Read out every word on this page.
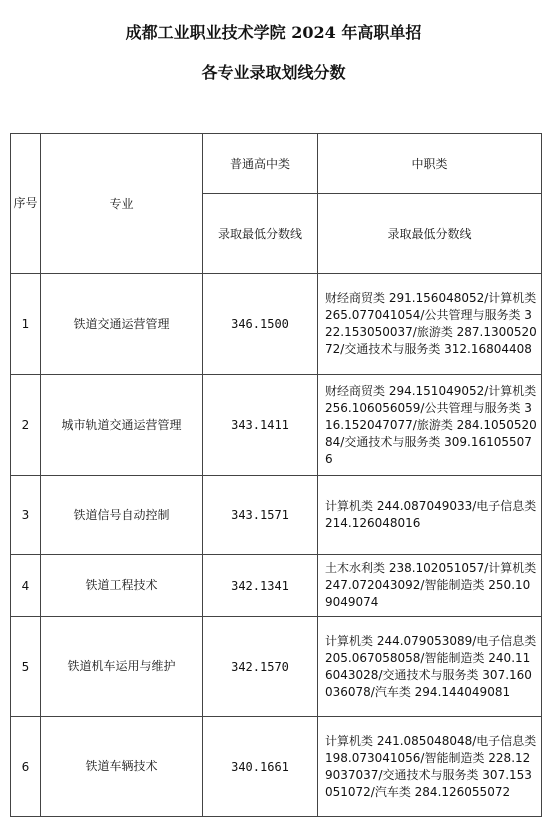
成都工业职业技术学院 2024 年高职单招
各专业录取划线分数
序号	专业	普通高中类	中职类
		录取最低分数线	录取最低分数线
1	铁道交通运营管理	346.1500	财经商贸类 291.156048052/计算机类 265.077041054/公共管理与服务类 322.153050037/旅游类 287.130052072/交通技术与服务类 312.16804408
2	城市轨道交通运营管理	343.1411	财经商贸类 294.151049052/计算机类 256.106056059/公共管理与服务类 316.152047077/旅游类 284.105052084/交通技术与服务类 309.161055076
3	铁道信号自动控制	343.1571	计算机类 244.087049033/电子信息类 214.126048016
4	铁道工程技术	342.1341	土木水利类 238.102051057/计算机类 247.072043092/智能制造类 250.109049074
5	铁道机车运用与维护	342.1570	计算机类 244.079053089/电子信息类 205.067058058/智能制造类 240.116043028/交通技术与服务类 307.160036078/汽车类 294.144049081
6	铁道车辆技术	340.1661	计算机类 241.085048048/电子信息类 198.073041056/智能制造类 228.129037037/交通技术与服务类 307.153051072/汽车类 284.126055072
